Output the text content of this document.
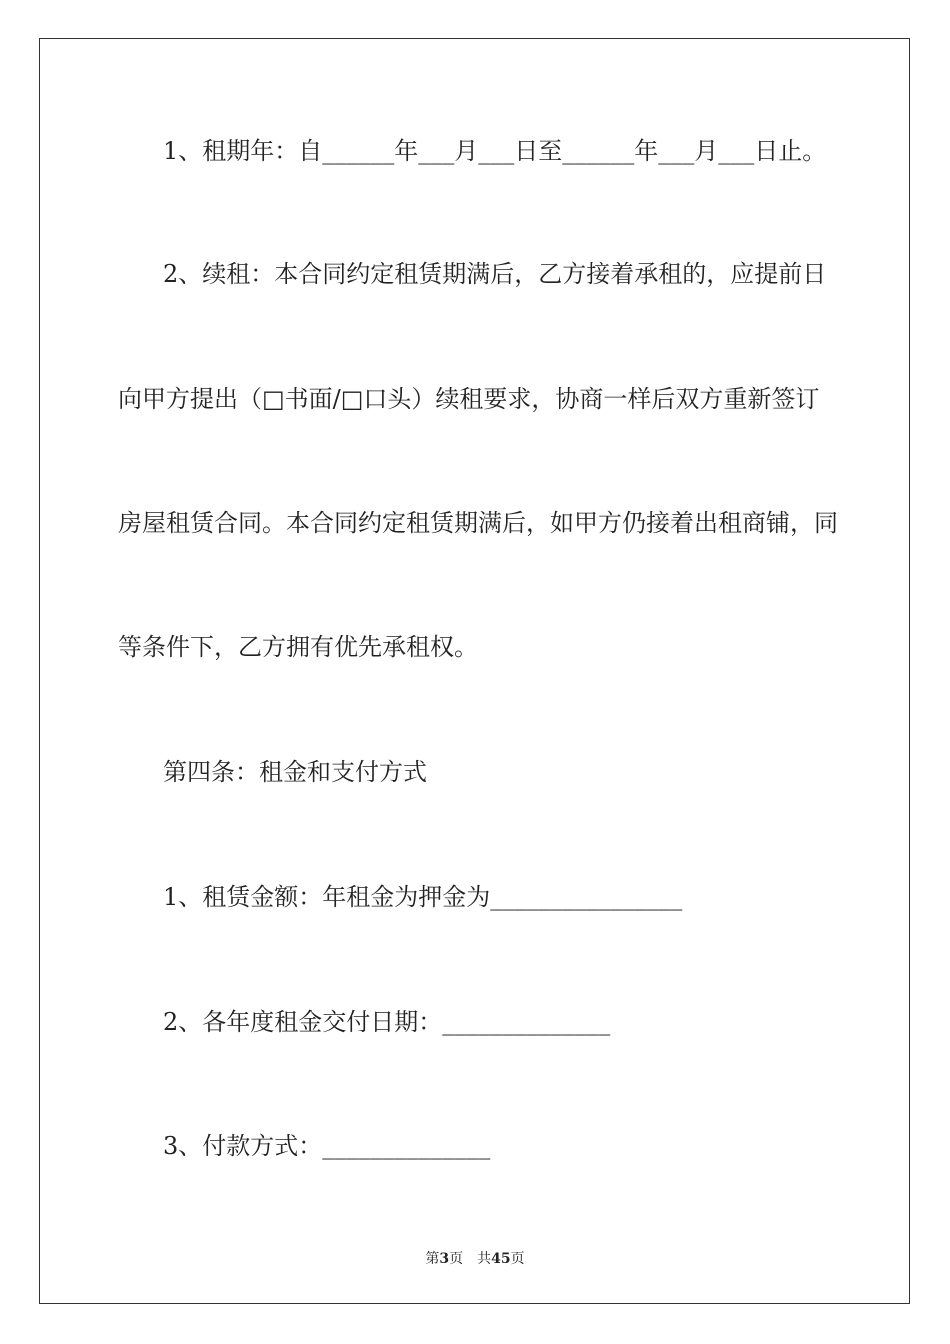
1、租期年：自______年___月___日至______年___月___日止。
2、续租：本合同约定租赁期满后，乙方接着承租的，应提前日
向甲方提出（□书面/□口头）续租要求，协商一样后双方重新签订
房屋租赁合同。本合同约定租赁期满后，如甲方仍接着出租商铺，同
等条件下，乙方拥有优先承租权。
第四条：租金和支付方式
1、租赁金额：年租金为押金为________________
2、各年度租金交付日期：______________
3、付款方式：______________
第3页　共45页
